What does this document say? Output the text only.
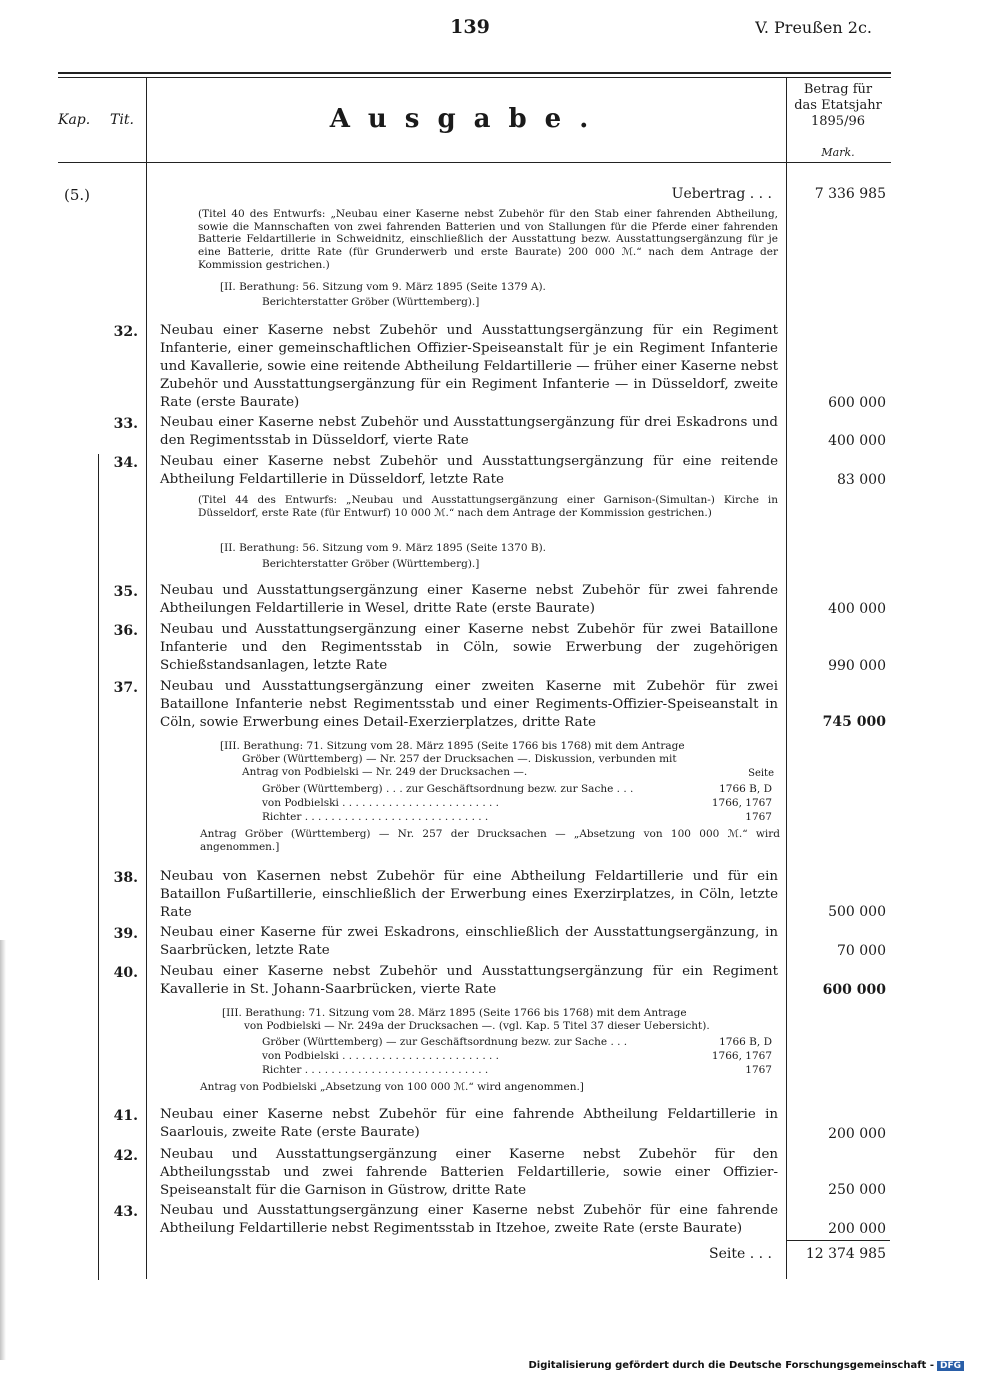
139	V. Preußen 2c.
Kap. Tit.	Ausgabe.
Betrag für
das Etatsjahr
1895/96
Mark.
(5.)	Uebertrag . . .	7 336 985
(Titel 40 des Entwurfs: „Neubau einer Kaserne nebst Zubehör für den Stab einer fahrenden Abtheilung, sowie die Mannschaften von zwei fahrenden Batterien und von Stallungen für die Pferde einer fahrenden Batterie Feldartillerie in Schweidnitz, einschließlich der Ausstattung bezw. Ausstattungsergänzung für je eine Batterie, dritte Rate (für Grunderwerb und erste Baurate) 200 000 ℳ.“ nach dem Antrage der Kommission gestrichen.)
[II. Berathung: 56. Sitzung vom 9. März 1895 (Seite 1379 A).
Berichterstatter Gröber (Württemberg).]
32. Neubau einer Kaserne nebst Zubehör und Ausstattungsergänzung für ein Regiment Infanterie, einer gemeinschaftlichen Offizier-Speiseanstalt für je ein Regiment Infanterie und Kavallerie, sowie eine reitende Abtheilung Feldartillerie — früher einer Kaserne nebst Zubehör und Ausstattungsergänzung für ein Regiment Infanterie — in Düsseldorf, zweite Rate (erste Baurate)	600 000
33. Neubau einer Kaserne nebst Zubehör und Ausstattungsergänzung für drei Eskadrons und den Regimentsstab in Düsseldorf, vierte Rate	400 000
34. Neubau einer Kaserne nebst Zubehör und Ausstattungsergänzung für eine reitende Abtheilung Feldartillerie in Düsseldorf, letzte Rate	83 000
(Titel 44 des Entwurfs: „Neubau und Ausstattungsergänzung einer Garnison-(Simultan-) Kirche in Düsseldorf, erste Rate (für Entwurf) 10 000 ℳ.“ nach dem Antrage der Kommission gestrichen.)
[II. Berathung: 56. Sitzung vom 9. März 1895 (Seite 1370 B).
Berichterstatter Gröber (Württemberg).]
35. Neubau und Ausstattungsergänzung einer Kaserne nebst Zubehör für zwei fahrende Abtheilungen Feldartillerie in Wesel, dritte Rate (erste Baurate)	400 000
36. Neubau und Ausstattungsergänzung einer Kaserne nebst Zubehör für zwei Bataillone Infanterie und den Regimentsstab in Cöln, sowie Erwerbung der zugehörigen Schießstandsanlagen, letzte Rate	990 000
37. Neubau und Ausstattungsergänzung einer zweiten Kaserne mit Zubehör für zwei Bataillone Infanterie nebst Regimentsstab und einer Regiments-Offizier-Speiseanstalt in Cöln, sowie Erwerbung eines Detail-Exerzierplatzes, dritte Rate	745 000
[III. Berathung: 71. Sitzung vom 28. März 1895 (Seite 1766 bis 1768) mit dem Antrage
Gröber (Württemberg) — Nr. 257 der Drucksachen —. Diskussion, verbunden mit
Antrag von Podbielski — Nr. 249 der Drucksachen —.	Seite
Gröber (Württemberg) . . . zur Geschäftsordnung bezw. zur Sache . . .	1766 B, D
von Podbielski . . . . . . . . . . . . . . . . . . . . . . . .	1766, 1767
Richter . . . . . . . . . . . . . . . . . . . . . . . . . . . .	1767
Antrag Gröber (Württemberg) — Nr. 257 der Drucksachen — „Absetzung von 100 000 ℳ.“ wird angenommen.]
38. Neubau von Kasernen nebst Zubehör für eine Abtheilung Feldartillerie und für ein Bataillon Fußartillerie, einschließlich der Erwerbung eines Exerzirplatzes, in Cöln, letzte Rate	500 000
39. Neubau einer Kaserne für zwei Eskadrons, einschließlich der Ausstattungsergänzung, in Saarbrücken, letzte Rate	70 000
40. Neubau einer Kaserne nebst Zubehör und Ausstattungsergänzung für ein Regiment Kavallerie in St. Johann-Saarbrücken, vierte Rate	600 000
[III. Berathung: 71. Sitzung vom 28. März 1895 (Seite 1766 bis 1768) mit dem Antrage
von Podbielski — Nr. 249a der Drucksachen —. (vgl. Kap. 5 Titel 37 dieser Uebersicht).
Gröber (Württemberg) — zur Geschäftsordnung bezw. zur Sache . . .	1766 B, D
von Podbielski . . . . . . . . . . . . . . . . . . . . . . . .	1766, 1767
Richter . . . . . . . . . . . . . . . . . . . . . . . . . . . .	1767
Antrag von Podbielski „Absetzung von 100 000 ℳ.“ wird angenommen.]
41. Neubau einer Kaserne nebst Zubehör für eine fahrende Abtheilung Feldartillerie in Saarlouis, zweite Rate (erste Baurate)	200 000
42. Neubau und Ausstattungsergänzung einer Kaserne nebst Zubehör für den Abtheilungsstab und zwei fahrende Batterien Feldartillerie, sowie einer Offizier-Speiseanstalt für die Garnison in Güstrow, dritte Rate	250 000
43. Neubau und Ausstattungsergänzung einer Kaserne nebst Zubehör für eine fahrende Abtheilung Feldartillerie nebst Regimentsstab in Itzehoe, zweite Rate (erste Baurate)	200 000
Seite . . .	12 374 985
Digitalisierung gefördert durch die Deutsche Forschungsgemeinschaft - DFG
